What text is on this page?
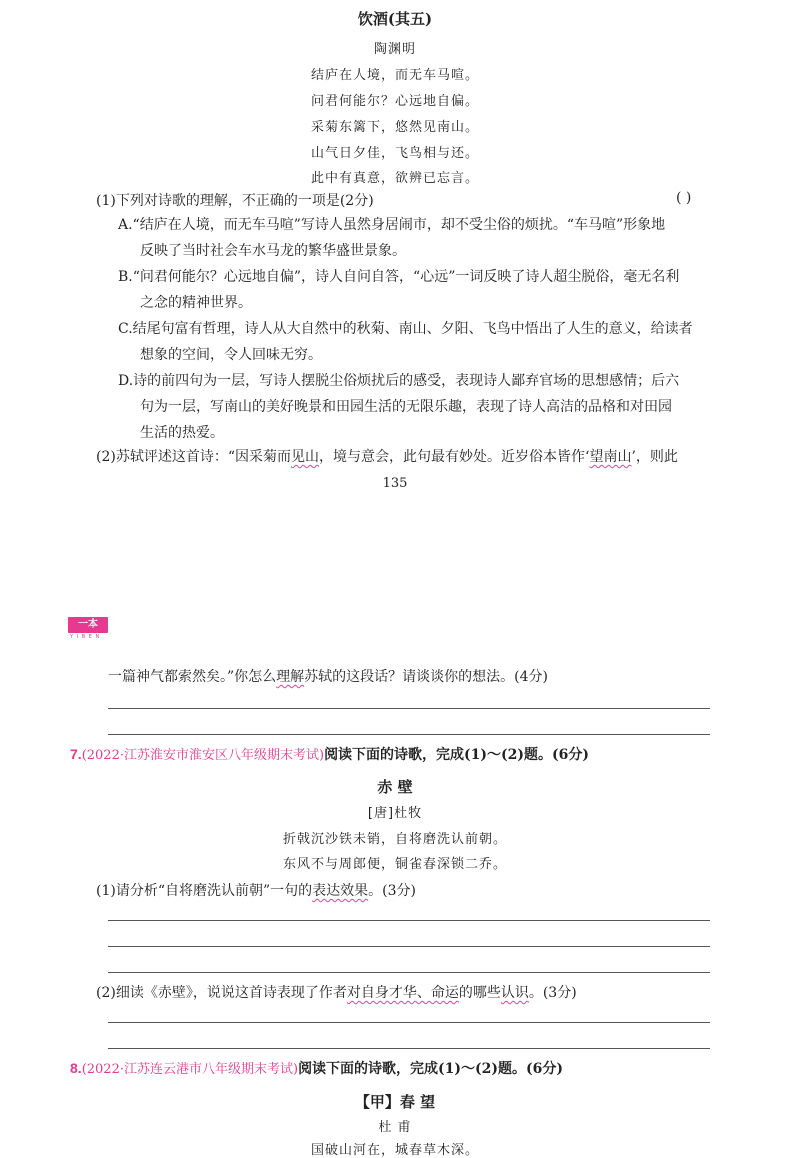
饮酒(其五)
陶渊明
结庐在人境，而无车马喧。
问君何能尔？心远地自偏。
采菊东篱下，悠然见南山。
山气日夕佳，飞鸟相与还。
此中有真意，欲辨已忘言。
(1)下列对诗歌的理解，不正确的一项是(2分)	( )
A.“结庐在人境，而无车马喧”写诗人虽然身居闹市，却不受尘俗的烦扰。“车马喧”形象地
反映了当时社会车水马龙的繁华盛世景象。
B.“问君何能尔？心远地自偏”，诗人自问自答，“心远”一词反映了诗人超尘脱俗，毫无名利
之念的精神世界。
C.结尾句富有哲理，诗人从大自然中的秋菊、南山、夕阳、飞鸟中悟出了人生的意义，给读者
想象的空间，令人回味无穷。
D.诗的前四句为一层，写诗人摆脱尘俗烦扰后的感受，表现诗人鄙弃官场的思想感情；后六
句为一层，写南山的美好晚景和田园生活的无限乐趣，表现了诗人高洁的品格和对田园
生活的热爱。
(2)苏轼评述这首诗：“因采菊而见山，境与意会，此句最有妙处。近岁俗本皆作‘望南山’，则此
135
一本
Y I B E N
一篇神气都索然矣。”你怎么理解苏轼的这段话？请谈谈你的想法。(4分)
7.(2022·江苏淮安市淮安区八年级期末考试)阅读下面的诗歌，完成(1)～(2)题。(6分)
赤 壁
[唐]杜牧
折戟沉沙铁未销，自将磨洗认前朝。
东风不与周郎便，铜雀春深锁二乔。
(1)请分析“自将磨洗认前朝”一句的表达效果。(3分)
(2)细读《赤壁》，说说这首诗表现了作者对自身才华、命运的哪些认识。(3分)
8.(2022·江苏连云港市八年级期末考试)阅读下面的诗歌，完成(1)～(2)题。(6分)
【甲】春 望
杜 甫
国破山河在，城春草木深。
